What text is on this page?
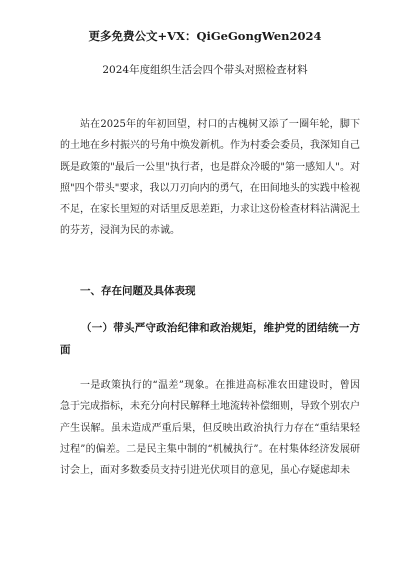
更多免费公文+VX：QiGeGongWen2024
2024年度组织生活会四个带头对照检查材料

站在2025年的年初回望，村口的古槐树又添了一圈年轮，脚下的土地在乡村振兴的号角中焕发新机。作为村委会委员，我深知自己既是政策的"最后一公里"执行者，也是群众冷暖的"第一感知人"。对照"四个带头"要求，我以刀刃向内的勇气，在田间地头的实践中检视不足，在家长里短的对话里反思差距，力求让这份检查材料沾满泥土的芬芳，浸润为民的赤诚。

一、存在问题及具体表现

（一）带头严守政治纪律和政治规矩，维护党的团结统一方面

一是政策执行的“温差”现象。在推进高标准农田建设时，曾因急于完成指标，未充分向村民解释土地流转补偿细则，导致个别农户产生误解。虽未造成严重后果，但反映出政治执行力存在“重结果轻过程”的偏差。二是民主集中制的“机械执行”。在村集体经济发展研讨会上，面对多数委员支持引进光伏项目的意见，虽心存疑虑却未
